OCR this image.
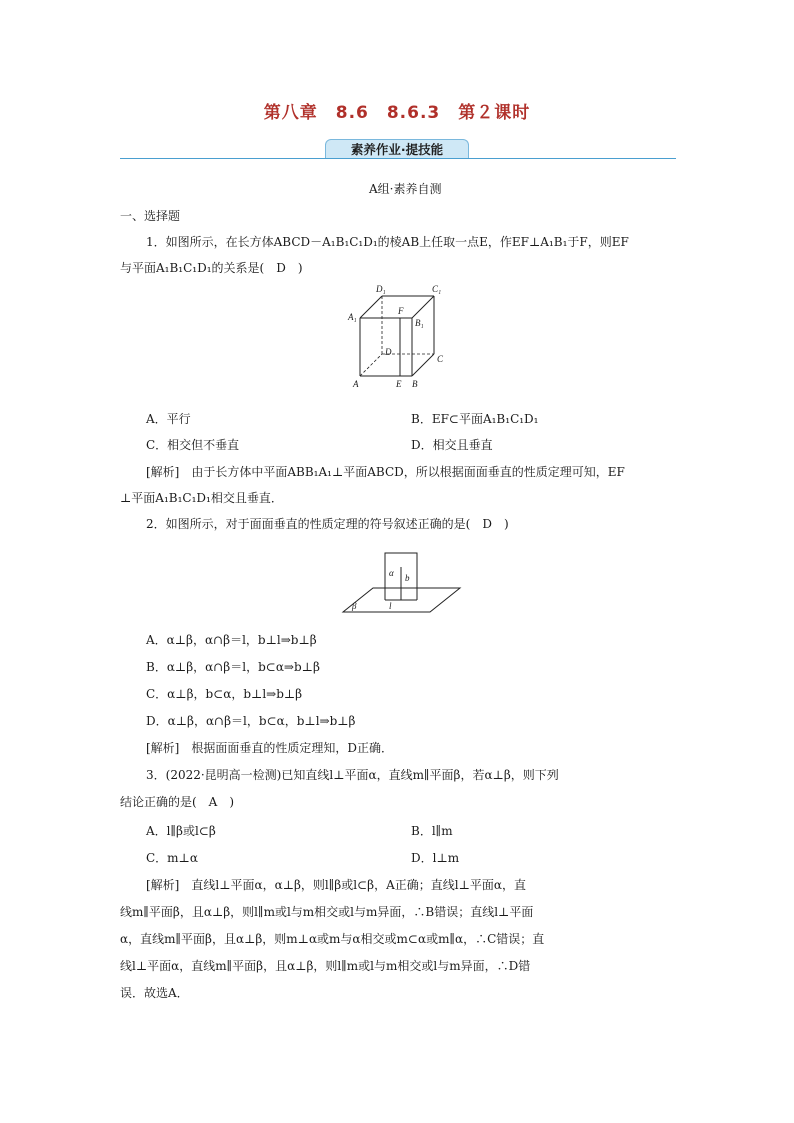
第八章　8.6　8.6.3　第２课时
素养作业·提技能
A组·素养自测
一、选择题
1．如图所示，在长方体ABCD－A₁B₁C₁D₁的棱AB上任取一点E，作EF⊥A₁B₁于F，则EF
与平面A₁B₁C₁D₁的关系是(　D　)
D₁	C₁
A₁
F
B₁
D
C
A	E B
A．平行	B．EF⊂平面A₁B₁C₁D₁
C．相交但不垂直	D．相交且垂直
[解析]　由于长方体中平面ABB₁A₁⊥平面ABCD，所以根据面面垂直的性质定理可知，EF
⊥平面A₁B₁C₁D₁相交且垂直．
2．如图所示，对于面面垂直的性质定理的符号叙述正确的是(　D　)
α b
β	l
A．α⊥β，α∩β＝l，b⊥l⇒b⊥β
B．α⊥β，α∩β＝l，b⊂α⇒b⊥β
C．α⊥β，b⊂α，b⊥l⇒b⊥β
D．α⊥β，α∩β＝l，b⊂α，b⊥l⇒b⊥β
[解析]　根据面面垂直的性质定理知，D正确．
3．(2022·昆明高一检测)已知直线l⊥平面α，直线m∥平面β，若α⊥β，则下列
结论正确的是(　A　)
A．l∥β或l⊂β	B．l∥m
C．m⊥α	D．l⊥m
[解析]　直线l⊥平面α，α⊥β，则l∥β或l⊂β，A正确；直线l⊥平面α，直
线m∥平面β，且α⊥β，则l∥m或l与m相交或l与m异面，∴B错误；直线l⊥平面
α，直线m∥平面β，且α⊥β，则m⊥α或m与α相交或m⊂α或m∥α，∴C错误；直
线l⊥平面α，直线m∥平面β，且α⊥β，则l∥m或l与m相交或l与m异面，∴D错
误．故选A．
